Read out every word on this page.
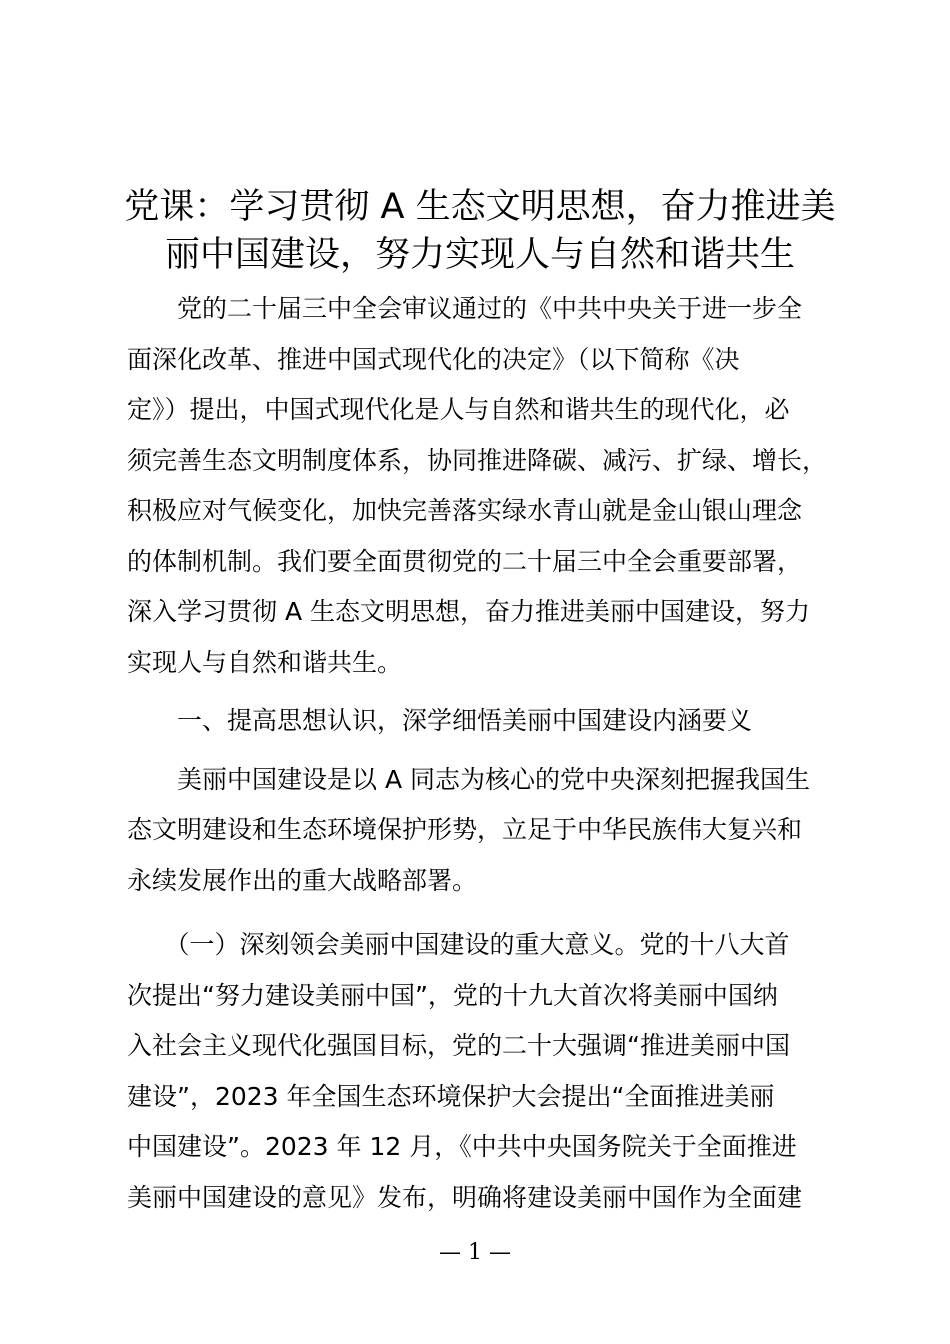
党课：学习贯彻 A 生态文明思想，奋力推进美
丽中国建设，努力实现人与自然和谐共生
　　党的二十届三中全会审议通过的《中共中央关于进一步全
面深化改革、推进中国式现代化的决定》（以下简称《决
定》）提出，中国式现代化是人与自然和谐共生的现代化，必
须完善生态文明制度体系，协同推进降碳、减污、扩绿、增长，
积极应对气候变化，加快完善落实绿水青山就是金山银山理念
的体制机制。我们要全面贯彻党的二十届三中全会重要部署，
深入学习贯彻 A 生态文明思想，奋力推进美丽中国建设，努力
实现人与自然和谐共生。
　　一、提高思想认识，深学细悟美丽中国建设内涵要义
　　美丽中国建设是以 A 同志为核心的党中央深刻把握我国生
态文明建设和生态环境保护形势，立足于中华民族伟大复兴和
永续发展作出的重大战略部署。
　　（一）深刻领会美丽中国建设的重大意义。党的十八大首
次提出“努力建设美丽中国”，党的十九大首次将美丽中国纳
入社会主义现代化强国目标，党的二十大强调“推进美丽中国
建设”，2023 年全国生态环境保护大会提出“全面推进美丽
中国建设”。2023 年 12 月，《中共中央国务院关于全面推进
美丽中国建设的意见》发布，明确将建设美丽中国作为全面建
— 1 —
